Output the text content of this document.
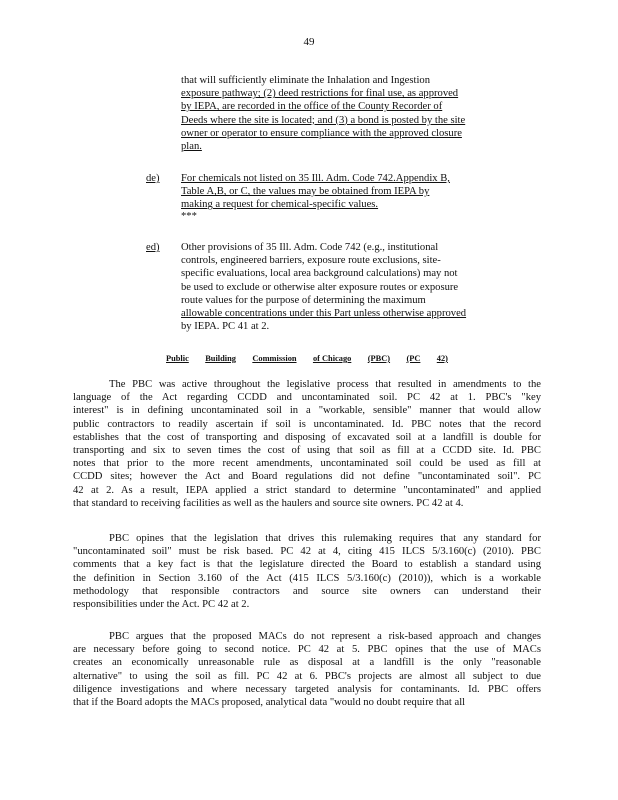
49
that will sufficiently eliminate the Inhalation and Ingestion
exposure pathway; (2) deed restrictions for final use, as approved
by IEPA, are recorded in the office of the County Recorder of
Deeds where the site is located; and (3) a bond is posted by the site
owner or operator to ensure compliance with the approved closure
plan.
de)	For chemicals not listed on 35 Ill. Adm. Code 742.Appendix B,
Table A,B, or C, the values may be obtained from IEPA by
making a request for chemical-specific values.
***
ed)	Other provisions of 35 Ill. Adm. Code 742 (e.g., institutional
controls, engineered barriers, exposure route exclusions, site-
specific evaluations, local area background calculations) may not
be used to exclude or otherwise alter exposure routes or exposure
route values for the purpose of determining the maximum
allowable concentrations under this Part unless otherwise approved
by IEPA. PC 41 at 2.
Public Building Commission of Chicago (PBC) (PC 42)
The PBC was active throughout the legislative process that resulted in amendments to the
language of the Act regarding CCDD and uncontaminated soil. PC 42 at 1. PBC's "key
interest" is in defining uncontaminated soil in a "workable, sensible" manner that would allow
public contractors to readily ascertain if soil is uncontaminated. Id. PBC notes that the record
establishes that the cost of transporting and disposing of excavated soil at a landfill is double for
transporting and six to seven times the cost of using that soil as fill at a CCDD site. Id. PBC
notes that prior to the more recent amendments, uncontaminated soil could be used as fill at
CCDD sites; however the Act and Board regulations did not define "uncontaminated soil". PC
42 at 2. As a result, IEPA applied a strict standard to determine "uncontaminated" and applied
that standard to receiving facilities as well as the haulers and source site owners. PC 42 at 4.
PBC opines that the legislation that drives this rulemaking requires that any standard for
"uncontaminated soil" must be risk based. PC 42 at 4, citing 415 ILCS 5/3.160(c) (2010). PBC
comments that a key fact is that the legislature directed the Board to establish a standard using
the definition in Section 3.160 of the Act (415 ILCS 5/3.160(c) (2010)), which is a workable
methodology that responsible contractors and source site owners can understand their
responsibilities under the Act. PC 42 at 2.
PBC argues that the proposed MACs do not represent a risk-based approach and changes
are necessary before going to second notice. PC 42 at 5. PBC opines that the use of MACs
creates an economically unreasonable rule as disposal at a landfill is the only "reasonable
alternative" to using the soil as fill. PC 42 at 6. PBC's projects are almost all subject to due
diligence investigations and where necessary targeted analysis for contaminants. Id. PBC offers
that if the Board adopts the MACs proposed, analytical data "would no doubt require that all
